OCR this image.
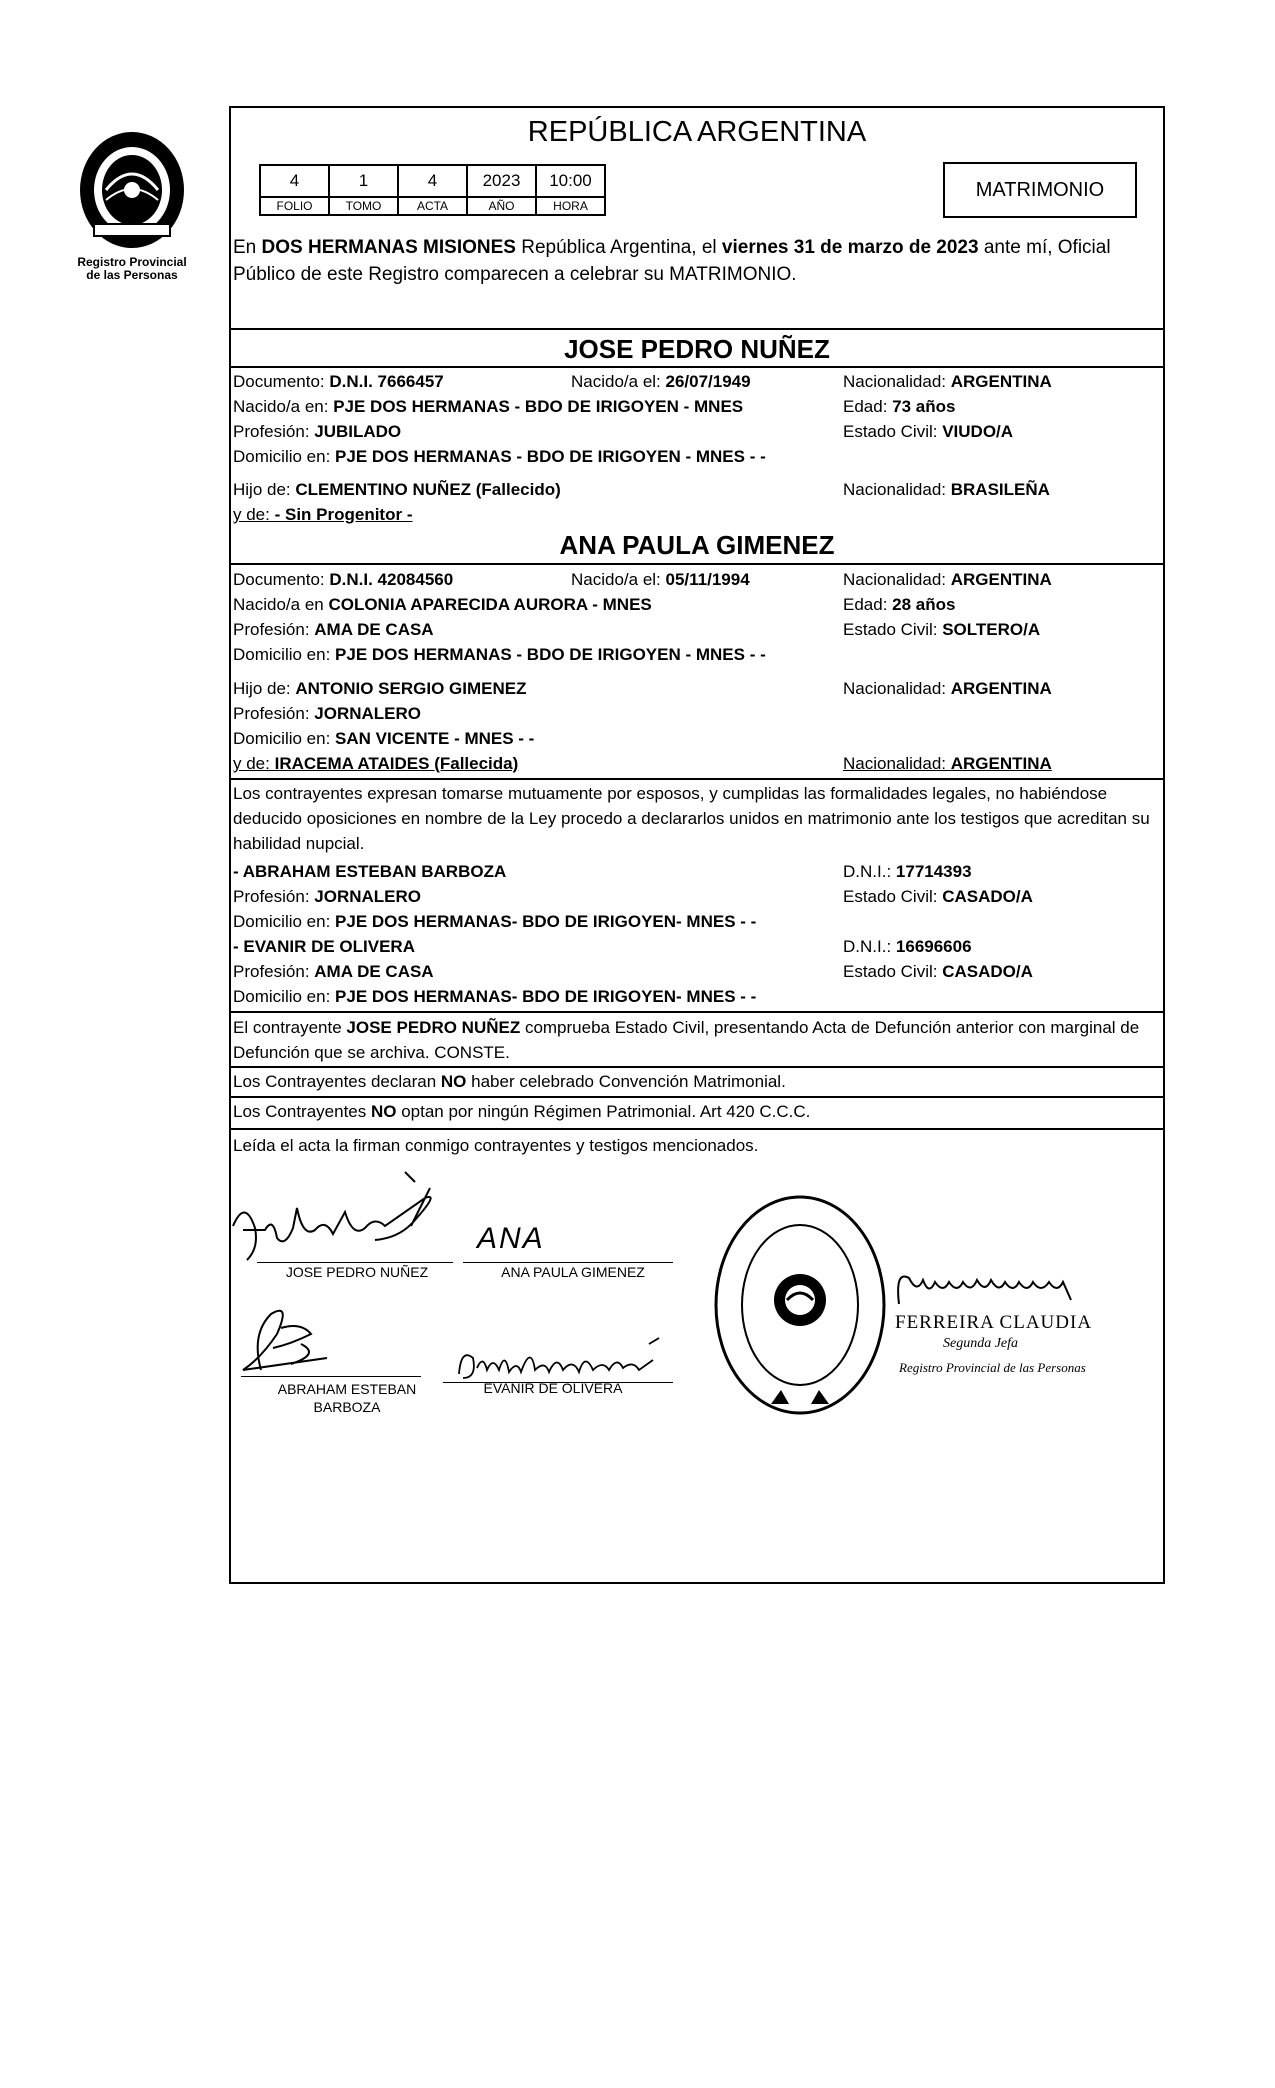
Registro Provincial
de las Personas
REPÚBLICA ARGENTINA
4	1	4	2023	10:00
FOLIO	TOMO	ACTA	AÑO	HORA
MATRIMONIO
En DOS HERMANAS MISIONES República Argentina, el viernes 31 de marzo de 2023 ante mí, Oficial Público de este Registro comparecen a celebrar su MATRIMONIO.
JOSE PEDRO NUÑEZ
Documento: D.N.I. 7666457	Nacido/a el: 26/07/1949	Nacionalidad: ARGENTINA
Nacido/a en: PJE DOS HERMANAS - BDO DE IRIGOYEN - MNES	Edad: 73 años
Profesión: JUBILADO	Estado Civil: VIUDO/A
Domicilio en: PJE DOS HERMANAS - BDO DE IRIGOYEN - MNES - -
Hijo de: CLEMENTINO NUÑEZ (Fallecido)	Nacionalidad: BRASILEÑA
y de: - Sin Progenitor -
ANA PAULA GIMENEZ
Documento: D.N.I. 42084560	Nacido/a el: 05/11/1994	Nacionalidad: ARGENTINA
Nacido/a en COLONIA APARECIDA AURORA - MNES	Edad: 28 años
Profesión: AMA DE CASA	Estado Civil: SOLTERO/A
Domicilio en: PJE DOS HERMANAS - BDO DE IRIGOYEN - MNES - -
Hijo de: ANTONIO SERGIO GIMENEZ	Nacionalidad: ARGENTINA
Profesión: JORNALERO
Domicilio en: SAN VICENTE - MNES - -
y de: IRACEMA ATAIDES (Fallecida)	Nacionalidad: ARGENTINA
Los contrayentes expresan tomarse mutuamente por esposos, y cumplidas las formalidades legales, no habiéndose deducido oposiciones en nombre de la Ley procedo a declararlos unidos en matrimonio ante los testigos que acreditan su habilidad nupcial.
- ABRAHAM ESTEBAN BARBOZA	D.N.I.: 17714393
Profesión: JORNALERO	Estado Civil: CASADO/A
Domicilio en: PJE DOS HERMANAS- BDO DE IRIGOYEN- MNES - -
- EVANIR DE OLIVERA	D.N.I.: 16696606
Profesión: AMA DE CASA	Estado Civil: CASADO/A
Domicilio en: PJE DOS HERMANAS- BDO DE IRIGOYEN- MNES - -
El contrayente JOSE PEDRO NUÑEZ comprueba Estado Civil, presentando Acta de Defunción anterior con marginal de Defunción que se archiva. CONSTE.
Los Contrayentes declaran NO haber celebrado Convención Matrimonial.
Los Contrayentes NO optan por ningún Régimen Patrimonial. Art 420 C.C.C.
Leída el acta la firman conmigo contrayentes y testigos mencionados.
JOSE PEDRO NUÑEZ
ANA
ANA PAULA GIMENEZ
ABRAHAM ESTEBAN
BARBOZA
EVANIR DE OLIVERA
FERREIRA CLAUDIA
Segunda Jefa
Registro Provincial de las Personas
